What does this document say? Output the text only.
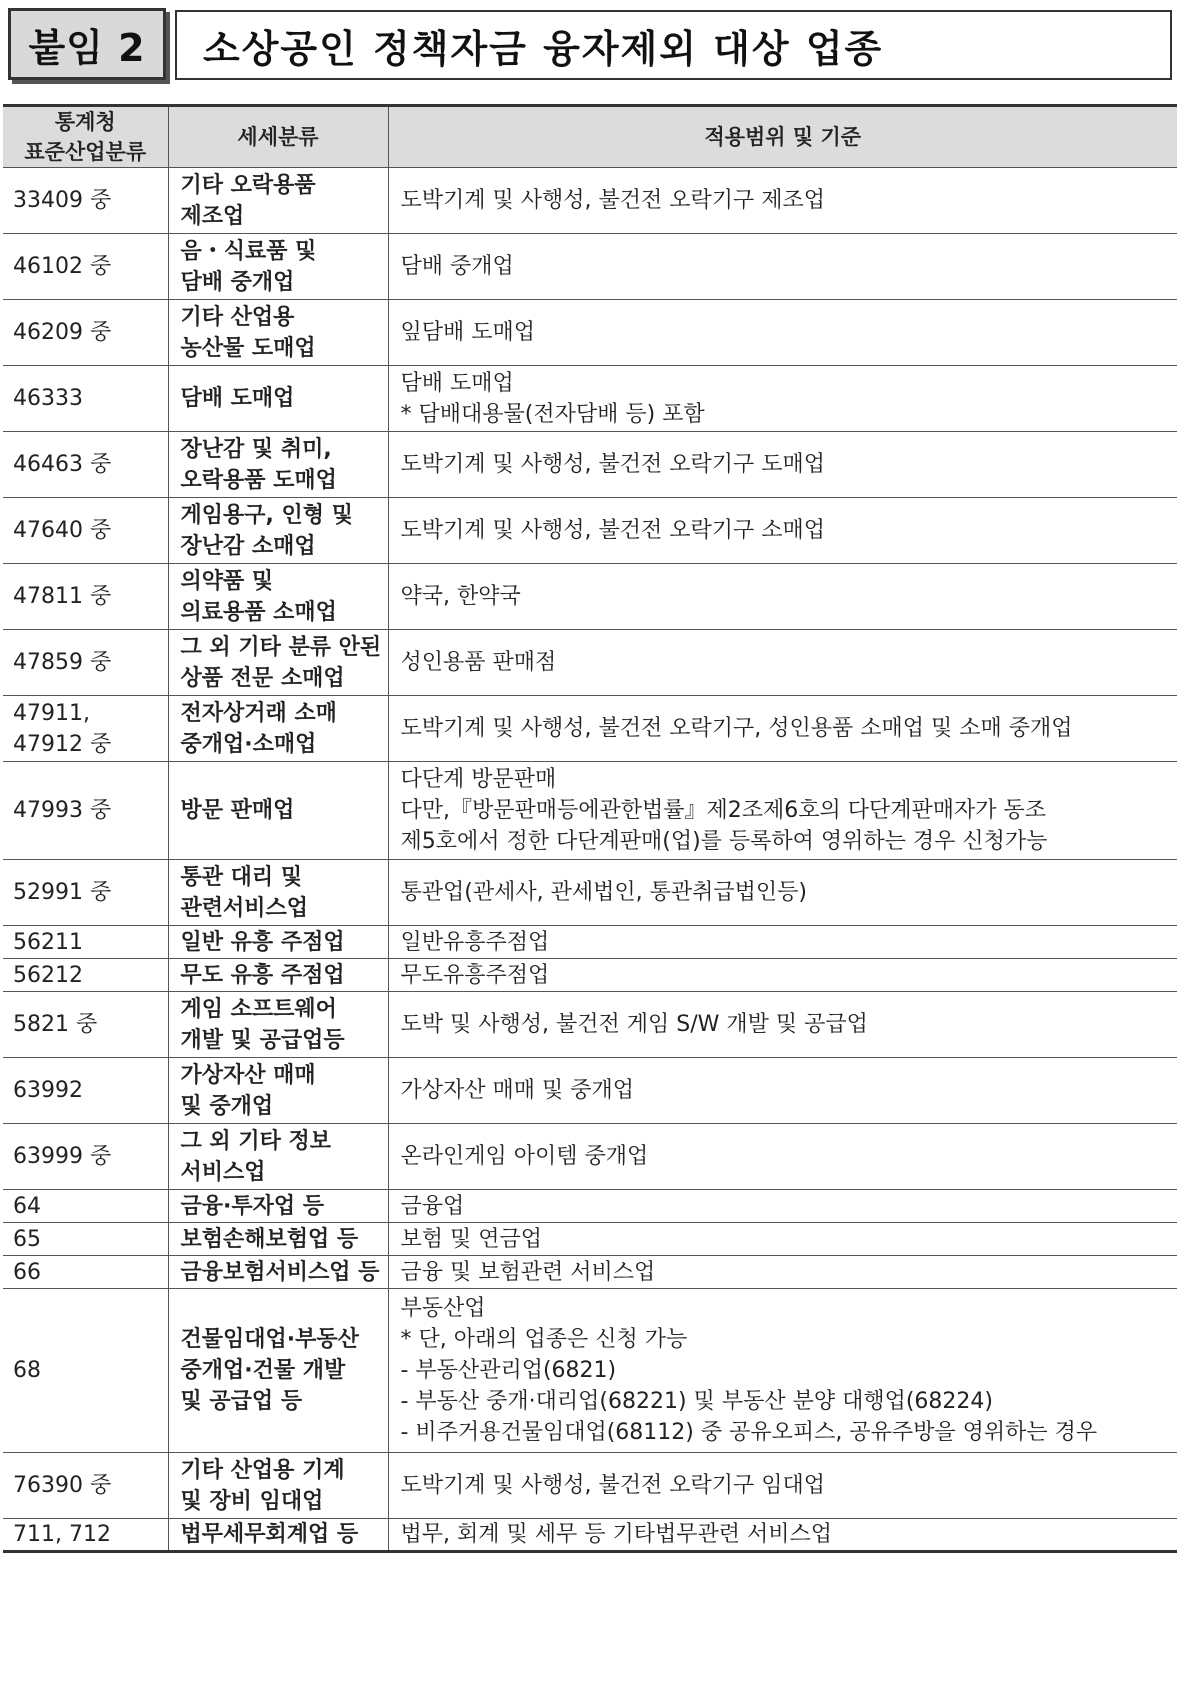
붙임 2	소상공인 정책자금 융자제외 대상 업종
통계청
표준산업분류	세세분류	적용범위 및 기준
33409 중	기타 오락용품
제조업	도박기계 및 사행성, 불건전 오락기구 제조업

46102 중	음・식료품 및
담배 중개업	담배 중개업

46209 중	기타 산업용
농산물 도매업	잎담배 도매업

46333	담배 도매업	담배 도매업
* 담배대용물(전자담배 등) 포함

46463 중	장난감 및 취미,
오락용품 도매업	도박기계 및 사행성, 불건전 오락기구 도매업

47640 중	게임용구, 인형 및
장난감 소매업	도박기계 및 사행성, 불건전 오락기구 소매업

47811 중	의약품 및
의료용품 소매업	약국, 한약국

47859 중	그 외 기타 분류 안된
상품 전문 소매업	성인용품 판매점

47911,
47912 중	전자상거래 소매
중개업·소매업	도박기계 및 사행성, 불건전 오락기구, 성인용품 소매업 및 소매 중개업

47993 중	방문 판매업	다단계 방문판매
다만,『방문판매등에관한법률』제2조제6호의 다단계판매자가 동조
제5호에서 정한 다단계판매(업)를 등록하여 영위하는 경우 신청가능

52991 중	통관 대리 및
관련서비스업	통관업(관세사, 관세법인, 통관취급법인등)

56211	일반 유흥 주점업	일반유흥주점업

56212	무도 유흥 주점업	무도유흥주점업

5821 중	게임 소프트웨어
개발 및 공급업등	도박 및 사행성, 불건전 게임 S/W 개발 및 공급업

63992	가상자산 매매
및 중개업	가상자산 매매 및 중개업

63999 중	그 외 기타 정보
서비스업	온라인게임 아이템 중개업

64	금융·투자업 등	금융업

65	보험손해보험업 등	보험 및 연금업

66	금융보험서비스업 등	금융 및 보험관련 서비스업

68	건물임대업·부동산
중개업·건물 개발
및 공급업 등	부동산업
* 단, 아래의 업종은 신청 가능
- 부동산관리업(6821)
- 부동산 중개·대리업(68221) 및 부동산 분양 대행업(68224)
- 비주거용건물임대업(68112) 중 공유오피스, 공유주방을 영위하는 경우

76390 중	기타 산업용 기계
및 장비 임대업	도박기계 및 사행성, 불건전 오락기구 임대업

711, 712	법무세무회계업 등	법무, 회계 및 세무 등 기타법무관련 서비스업
